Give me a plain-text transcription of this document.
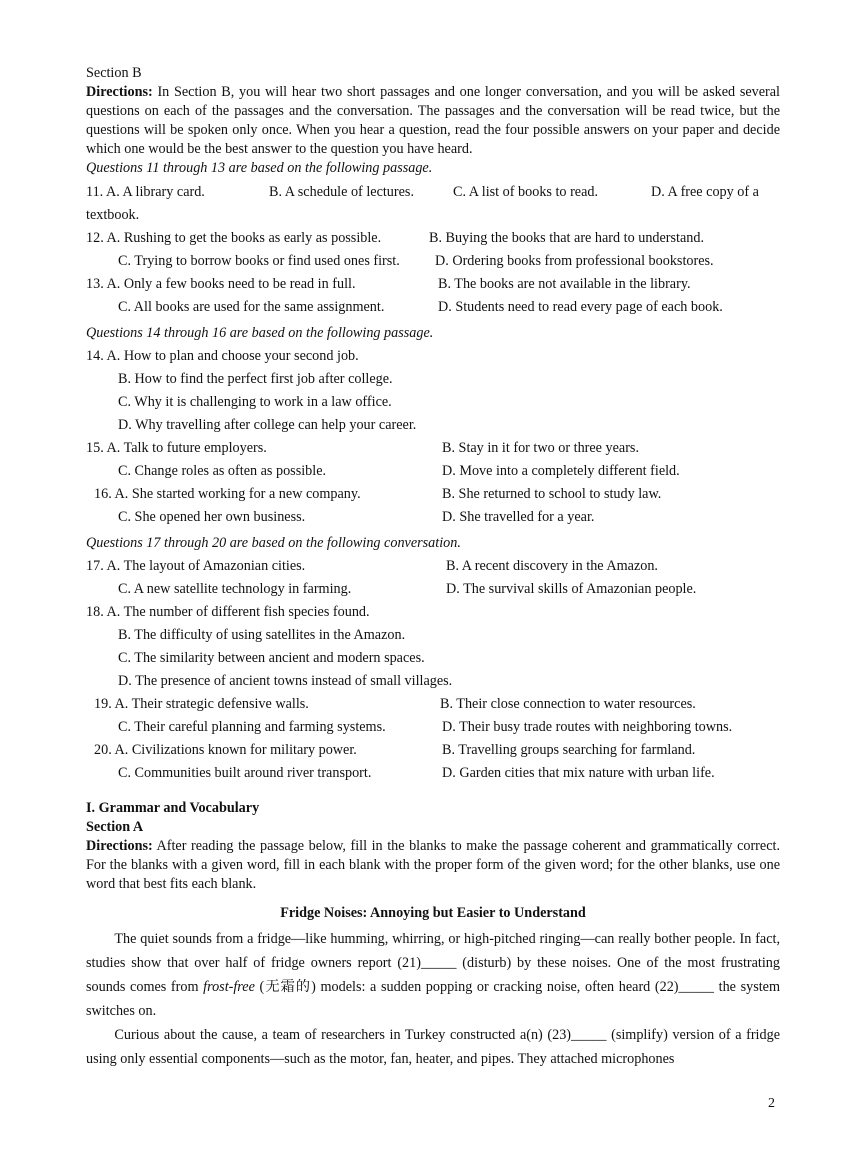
Section B

Directions: In Section B, you will hear two short passages and one longer conversation, and you will be asked several questions on each of the passages and the conversation. The passages and the conversation will be read twice, but the questions will be spoken only once. When you hear a question, read the four possible answers on your paper and decide which one would be the best answer to the question you have heard.

Questions 11 through 13 are based on the following passage.

11. A. A library card.	B. A schedule of lectures.	C. A list of books to read.	D. A free copy of a
textbook.
12. A. Rushing to get the books as early as possible.	B. Buying the books that are hard to understand.
C. Trying to borrow books or find used ones first. D. Ordering books from professional bookstores.
13. A. Only a few books need to be read in full.	B. The books are not available in the library.
C. All books are used for the same assignment.	D. Students need to read every page of each book.
Questions 14 through 16 are based on the following passage.
14. A. How to plan and choose your second job.
B. How to find the perfect first job after college.
C. Why it is challenging to work in a law office.
D. Why travelling after college can help your career.
15. A. Talk to future employers.	B. Stay in it for two or three years.
C. Change roles as often as possible.	D. Move into a completely different field.
16. A. She started working for a new company.	B. She returned to school to study law.
C. She opened her own business.	D. She travelled for a year.
Questions 17 through 20 are based on the following conversation.
17. A. The layout of Amazonian cities.	B. A recent discovery in the Amazon.
C. A new satellite technology in farming.	D. The survival skills of Amazonian people.
18. A. The number of different fish species found.
B. The difficulty of using satellites in the Amazon.
C. The similarity between ancient and modern spaces.
D. The presence of ancient towns instead of small villages.
19. A. Their strategic defensive walls.	B. Their close connection to water resources.
C. Their careful planning and farming systems.	D. Their busy trade routes with neighboring towns.
20. A. Civilizations known for military power.	B. Travelling groups searching for farmland.
C. Communities built around river transport.	D. Garden cities that mix nature with urban life.

I. Grammar and Vocabulary

Section A

Directions: After reading the passage below, fill in the blanks to make the passage coherent and grammatically correct. For the blanks with a given word, fill in each blank with the proper form of the given word; for the other blanks, use one word that best fits each blank.

Fridge Noises: Annoying but Easier to Understand

The quiet sounds from a fridge—like humming, whirring, or high-pitched ringing—can really bother people. In fact, studies show that over half of fridge owners report (21)_____ (disturb) by these noises. One of the most frustrating sounds comes from frost-free (无霜的) models: a sudden popping or cracking noise, often heard (22)_____ the system switches on.

Curious about the cause, a team of researchers in Turkey constructed a(n) (23)_____ (simplify) version of a fridge using only essential components—such as the motor, fan, heater, and pipes. They attached microphones

2
